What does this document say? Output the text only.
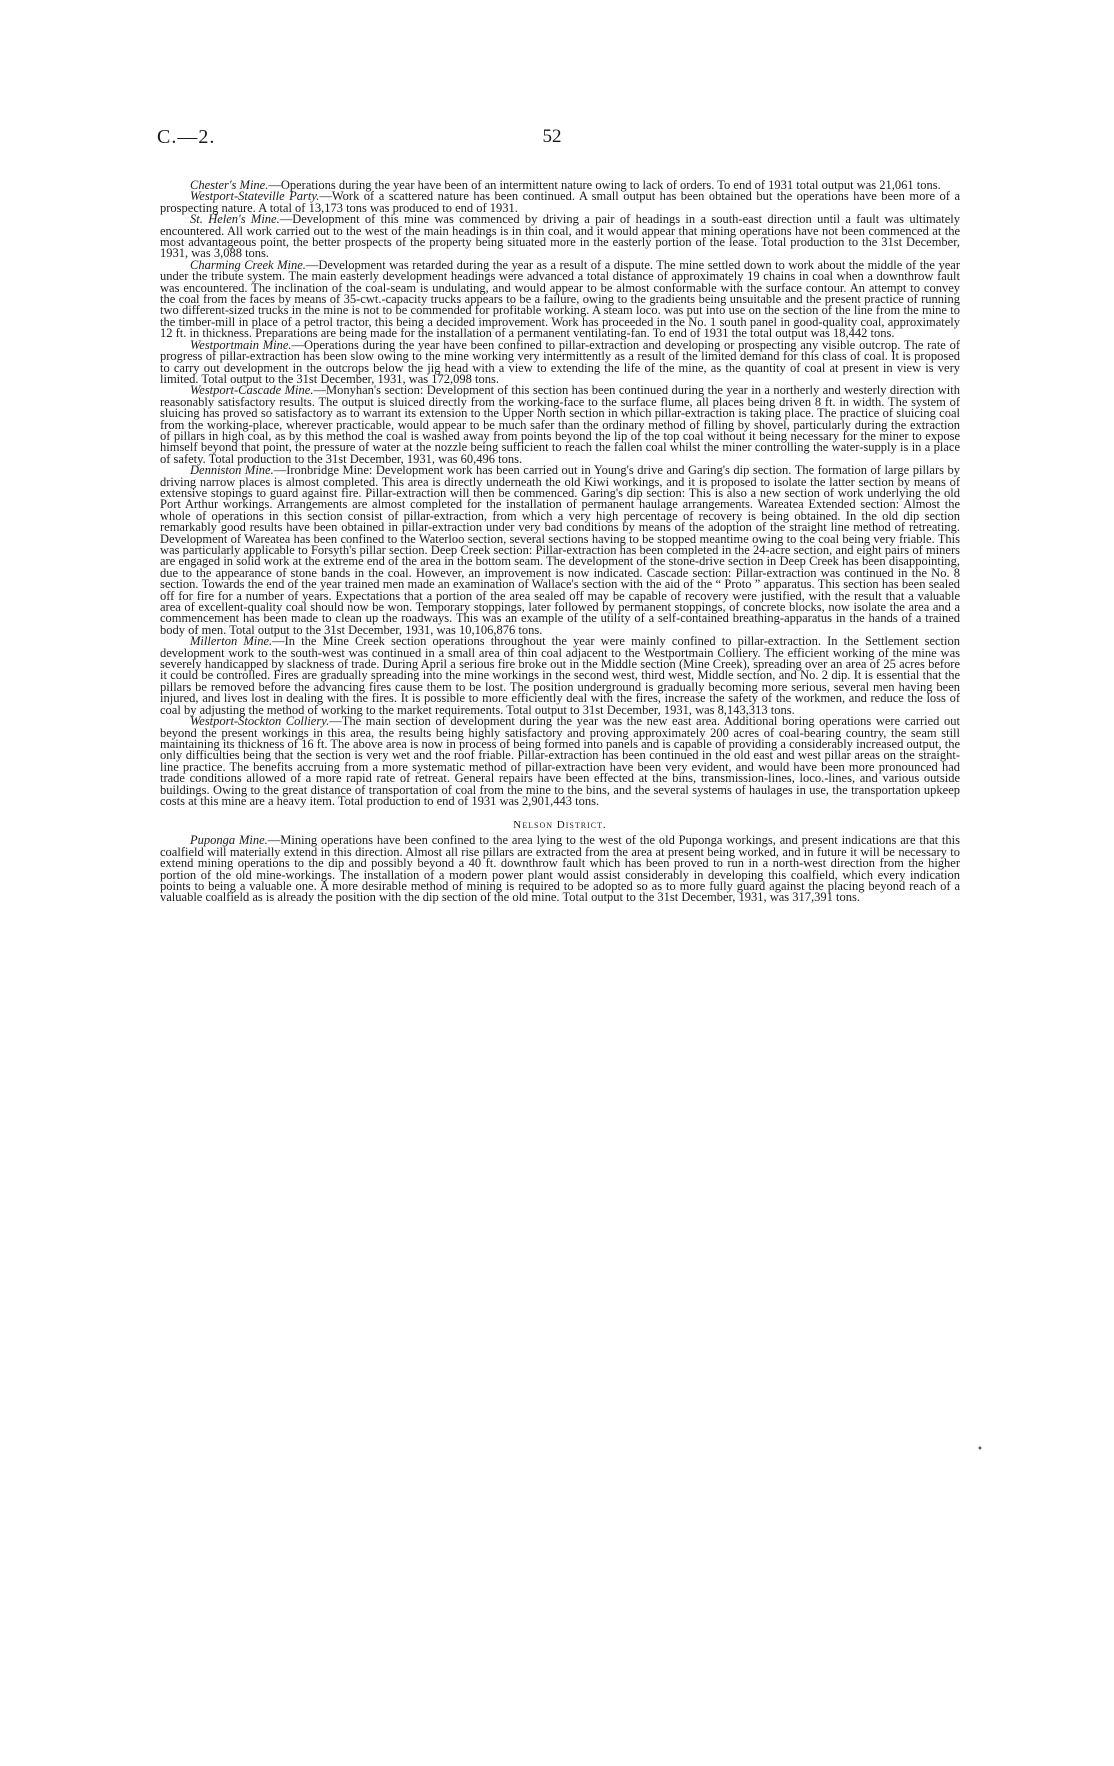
C.—2.	52

Chester's Mine.—Operations during the year have been of an intermittent nature owing to lack of orders. To end of 1931 total output was 21,061 tons.

Westport-Stateville Party.—Work of a scattered nature has been continued. A small output has been obtained but the operations have been more of a prospecting nature. A total of 13,173 tons was produced to end of 1931.

St. Helen's Mine.—Development of this mine was commenced by driving a pair of headings in a south-east direction until a fault was ultimately encountered. All work carried out to the west of the main headings is in thin coal, and it would appear that mining operations have not been commenced at the most advantageous point, the better prospects of the property being situated more in the easterly portion of the lease. Total production to the 31st December, 1931, was 3,088 tons.

Charming Creek Mine.—Development was retarded during the year as a result of a dispute. The mine settled down to work about the middle of the year under the tribute system. The main easterly development headings were advanced a total distance of approximately 19 chains in coal when a downthrow fault was encountered. The inclination of the coal-seam is undulating, and would appear to be almost conformable with the surface contour. An attempt to convey the coal from the faces by means of 35-cwt.-capacity trucks appears to be a failure, owing to the gradients being unsuitable and the present practice of running two different-sized trucks in the mine is not to be commended for profitable working. A steam loco. was put into use on the section of the line from the mine to the timber-mill in place of a petrol tractor, this being a decided improvement. Work has proceeded in the No. 1 south panel in good-quality coal, approximately 12 ft. in thickness. Preparations are being made for the installation of a permanent ventilating-fan. To end of 1931 the total output was 18,442 tons.

Westportmain Mine.—Operations during the year have been confined to pillar-extraction and developing or prospecting any visible outcrop. The rate of progress of pillar-extraction has been slow owing to the mine working very intermittently as a result of the limited demand for this class of coal. It is proposed to carry out development in the outcrops below the jig head with a view to extending the life of the mine, as the quantity of coal at present in view is very limited. Total output to the 31st December, 1931, was 172,098 tons.

Westport-Cascade Mine.—Monyhan's section: Development of this section has been continued during the year in a northerly and westerly direction with reasonably satisfactory results. The output is sluiced directly from the working-face to the surface flume, all places being driven 8 ft. in width. The system of sluicing has proved so satisfactory as to warrant its extension to the Upper North section in which pillar-extraction is taking place. The practice of sluicing coal from the working-place, wherever practicable, would appear to be much safer than the ordinary method of filling by shovel, particularly during the extraction of pillars in high coal, as by this method the coal is washed away from points beyond the lip of the top coal without it being necessary for the miner to expose himself beyond that point, the pressure of water at the nozzle being sufficient to reach the fallen coal whilst the miner controlling the water-supply is in a place of safety. Total production to the 31st December, 1931, was 60,496 tons.

Denniston Mine.—Ironbridge Mine: Development work has been carried out in Young's drive and Garing's dip section. The formation of large pillars by driving narrow places is almost completed. This area is directly underneath the old Kiwi workings, and it is proposed to isolate the latter section by means of extensive stopings to guard against fire. Pillar-extraction will then be commenced. Garing's dip section: This is also a new section of work underlying the old Port Arthur workings. Arrangements are almost completed for the installation of permanent haulage arrangements. Wareatea Extended section: Almost the whole of operations in this section consist of pillar-extraction, from which a very high percentage of recovery is being obtained. In the old dip section remarkably good results have been obtained in pillar-extraction under very bad conditions by means of the adoption of the straight line method of retreating. Development of Wareatea has been confined to the Waterloo section, several sections having to be stopped meantime owing to the coal being very friable. This was particularly applicable to Forsyth's pillar section. Deep Creek section: Pillar-extraction has been completed in the 24-acre section, and eight pairs of miners are engaged in solid work at the extreme end of the area in the bottom seam. The development of the stone-drive section in Deep Creek has been disappointing, due to the appearance of stone bands in the coal. However, an improvement is now indicated. Cascade section: Pillar-extraction was continued in the No. 8 section. Towards the end of the year trained men made an examination of Wallace's section with the aid of the “ Proto ” apparatus. This section has been sealed off for fire for a number of years. Expectations that a portion of the area sealed off may be capable of recovery were justified, with the result that a valuable area of excellent-quality coal should now be won. Temporary stoppings, later followed by permanent stoppings, of concrete blocks, now isolate the area and a commencement has been made to clean up the roadways. This was an example of the utility of a self-contained breathing-apparatus in the hands of a trained body of men. Total output to the 31st December, 1931, was 10,106,876 tons.

Millerton Mine.—In the Mine Creek section operations throughout the year were mainly confined to pillar-extraction. In the Settlement section development work to the south-west was continued in a small area of thin coal adjacent to the Westportmain Colliery. The efficient working of the mine was severely handicapped by slackness of trade. During April a serious fire broke out in the Middle section (Mine Creek), spreading over an area of 25 acres before it could be controlled. Fires are gradually spreading into the mine workings in the second west, third west, Middle section, and No. 2 dip. It is essential that the pillars be removed before the advancing fires cause them to be lost. The position underground is gradually becoming more serious, several men having been injured, and lives lost in dealing with the fires. It is possible to more efficiently deal with the fires, increase the safety of the workmen, and reduce the loss of coal by adjusting the method of working to the market requirements. Total output to 31st December, 1931, was 8,143,313 tons.

Westport-Stockton Colliery.—The main section of development during the year was the new east area. Additional boring operations were carried out beyond the present workings in this area, the results being highly satisfactory and proving approximately 200 acres of coal-bearing country, the seam still maintaining its thickness of 16 ft. The above area is now in process of being formed into panels and is capable of providing a considerably increased output, the only difficulties being that the section is very wet and the roof friable. Pillar-extraction has been continued in the old east and west pillar areas on the straight-line practice. The benefits accruing from a more systematic method of pillar-extraction have been very evident, and would have been more pronounced had trade conditions allowed of a more rapid rate of retreat. General repairs have been effected at the bins, transmission-lines, loco.-lines, and various outside buildings. Owing to the great distance of transportation of coal from the mine to the bins, and the several systems of haulages in use, the transportation upkeep costs at this mine are a heavy item. Total production to end of 1931 was 2,901,443 tons.

Nelson District.

Puponga Mine.—Mining operations have been confined to the area lying to the west of the old Puponga workings, and present indications are that this coalfield will materially extend in this direction. Almost all rise pillars are extracted from the area at present being worked, and in future it will be necessary to extend mining operations to the dip and possibly beyond a 40 ft. downthrow fault which has been proved to run in a north-west direction from the higher portion of the old mine-workings. The installation of a modern power plant would assist considerably in developing this coalfield, which every indication points to being a valuable one. A more desirable method of mining is required to be adopted so as to more fully guard against the placing beyond reach of a valuable coalfield as is already the position with the dip section of the old mine. Total output to the 31st December, 1931, was 317,391 tons.

•
